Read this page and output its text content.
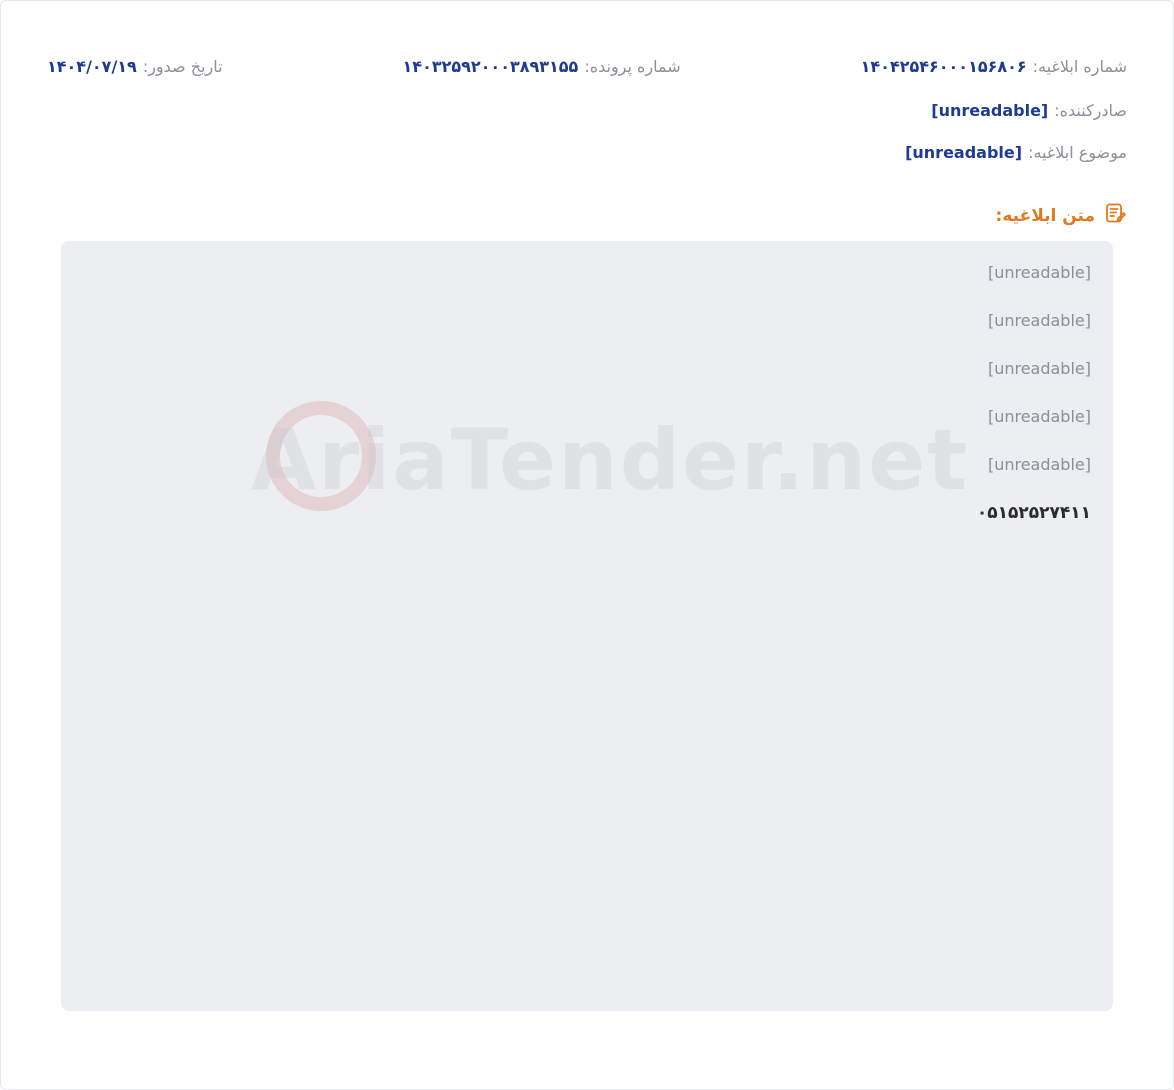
شماره ابلاغیه:
۱۴۰۴۲۵۴۶۰۰۰۱۵۶۸۰۶
شماره پرونده:
۱۴۰۳۲۵۹۲۰۰۰۳۸۹۳۱۵۵
تاریخ صدور:
۱۴۰۴/۰۷/۱۹
صادرکننده:
[unreadable]
موضوع ابلاغیه:
[unreadable]
متن ابلاغیه:
AriaTender.net

[unreadable]

[unreadable]

[unreadable]

[unreadable]

[unreadable]

۰۵۱۵۲۵۲۷۴۱۱
